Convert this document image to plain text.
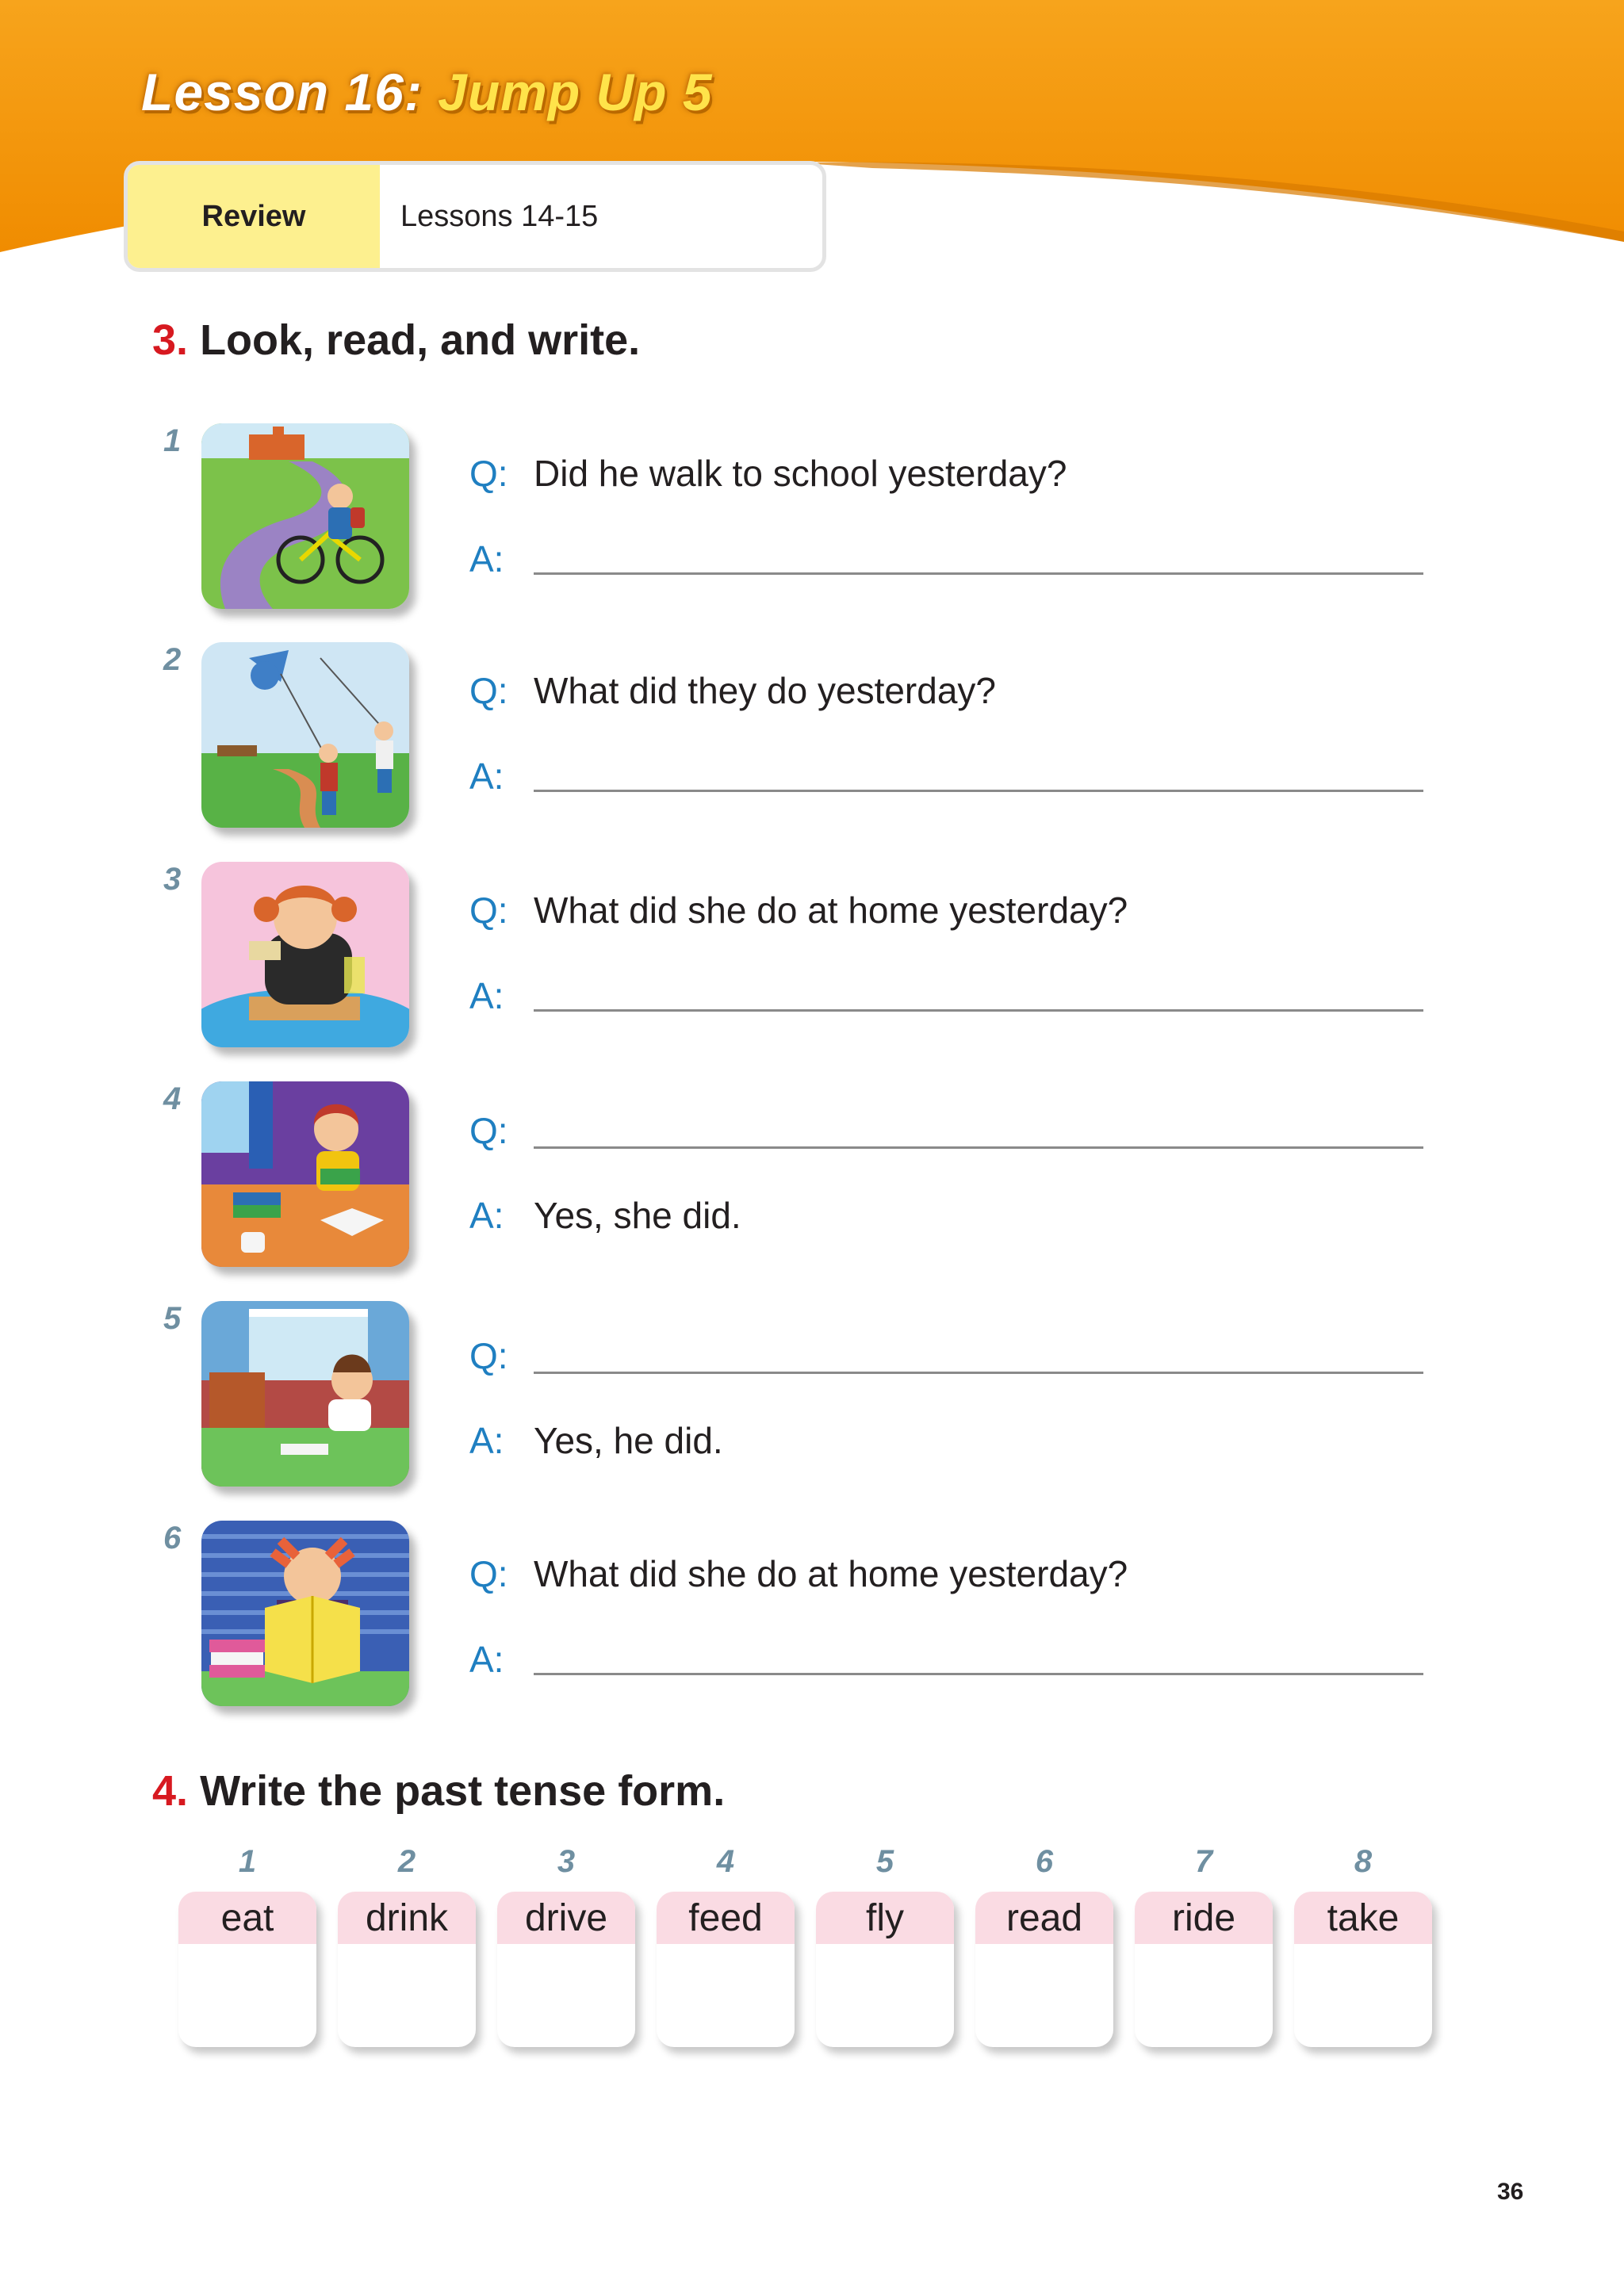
Lesson 16: Jump Up 5
Review	Lessons 14-15
3. Look, read, and write.
1
Q: Did he walk to school yesterday?
A:
2
Q: What did they do yesterday?
A:
3
Q: What did she do at home yesterday?
A:
4
Q:
A: Yes, she did.
5
Q:
A: Yes, he did.
6
Q: What did she do at home yesterday?
A:
4. Write the past tense form.
1
eat
2
drink
3
drive
4
feed
5
fly
6
read
7
ride
8
take
36
